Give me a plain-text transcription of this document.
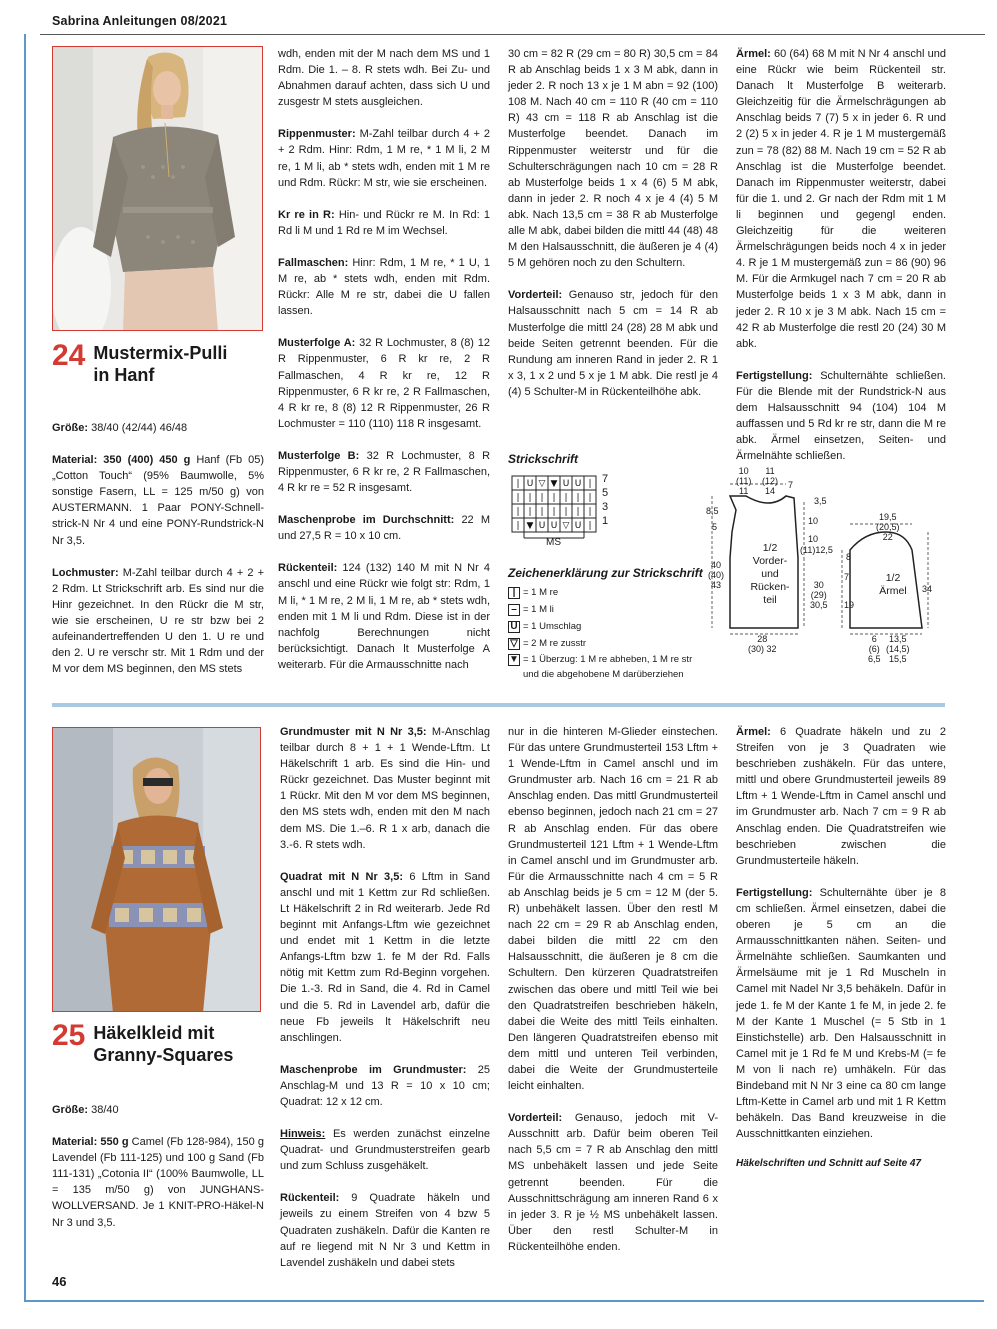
Sabrina Anleitungen 08/2021
24 Mustermix-Pulli
in Hanf

Größe: 38/40 (42/44) 46/48

Material: 350 (400) 450 g Hanf (Fb 05) „Cotton Touch“ (95% Baumwolle, 5% sonstige Fasern, LL = 125 m/50 g) von AUSTERMANN. 1 Paar PONY-Schnell-strick-N Nr 4 und eine PONY-Rundstrick-N Nr 3,5.

Lochmuster: M-Zahl teilbar durch 4 + 2 + 2 Rdm. Lt Strickschrift arb. Es sind nur die Hinr gezeichnet. In den Rückr die M str, wie sie erscheinen, U re str bzw bei 2 aufeinandertreffenden U den 1. U re und den 2. U re verschr str. Mit 1 Rdm und der M vor dem MS beginnen, den MS stets

wdh, enden mit der M nach dem MS und 1 Rdm. Die 1. – 8. R stets wdh. Bei Zu- und Abnahmen darauf achten, dass sich U und zusgestr M stets ausgleichen.

Rippenmuster: M-Zahl teilbar durch 4 + 2 + 2 Rdm. Hinr: Rdm, 1 M re, * 1 M li, 2 M re, 1 M li, ab * stets wdh, enden mit 1 M re und Rdm. Rückr: M str, wie sie erscheinen.

Kr re in R: Hin- und Rückr re M. In Rd: 1 Rd li M und 1 Rd re M im Wechsel.

Fallmaschen: Hinr: Rdm, 1 M re, * 1 U, 1 M re, ab * stets wdh, enden mit Rdm. Rückr: Alle M re str, dabei die U fallen lassen.

Musterfolge A: 32 R Lochmuster, 8 (8) 12 R Rippenmuster, 6 R kr re, 2 R Fallmaschen, 4 R kr re, 12 R Rippenmuster, 6 R kr re, 2 R Fallmaschen, 4 R kr re, 8 (8) 12 R Rippenmuster, 26 R Lochmuster = 110 (110) 118 R insgesamt.

Musterfolge B: 32 R Lochmuster, 8 R Rippenmuster, 6 R kr re, 2 R Fallmaschen, 4 R kr re = 52 R insgesamt.

Maschenprobe im Durchschnitt: 22 M und 27,5 R = 10 x 10 cm.

Rückenteil: 124 (132) 140 M mit N Nr 4 anschl und eine Rückr wie folgt str: Rdm, 1 M li, * 1 M re, 2 M li, 1 M re, ab * stets wdh, enden mit 1 M li und Rdm. Diese ist in der nachfolg Berechnungen nicht berücksichtigt. Danach lt Musterfolge A weiterarb. Für die Armausschnitte nach

30 cm = 82 R (29 cm = 80 R) 30,5 cm = 84 R ab Anschlag beids 1 x 3 M abk, dann in jeder 2. R noch 13 x je 1 M abn = 92 (100) 108 M. Nach 40 cm = 110 R (40 cm = 110 R) 43 cm = 118 R ab Anschlag ist die Musterfolge beendet. Danach im Rippenmuster weiterstr und für die Schulterschrägungen nach 10 cm = 28 R ab Musterfolge beids 1 x 4 (6) 5 M abk, dann in jeder 2. R noch 4 x je 4 (4) 5 M abk. Nach 13,5 cm = 38 R ab Musterfolge alle M abk, dabei bilden die mittl 44 (48) 48 M den Halsausschnitt, die äußeren je 4 (4) 5 M gehören noch zu den Schultern.

Vorderteil: Genauso str, jedoch für den Halsausschnitt nach 5 cm = 14 R ab Musterfolge die mittl 24 (28) 28 M abk und beide Seiten getrennt beenden. Für die Rundung am inneren Rand in jeder 2. R 1 x 3, 1 x 2 und 5 x je 1 M abk. Die restl je 4 (4) 5 Schulter-M in Rückenteilhöhe abk.

Ärmel: 60 (64) 68 M mit N Nr 4 anschl und eine Rückr wie beim Rückenteil str. Danach lt Musterfolge B weiterarb. Gleichzeitig für die Ärmelschrägungen ab Anschlag beids 7 (7) 5 x in jeder 6. R und 2 (2) 5 x in jeder 4. R je 1 M mustergemäß zun = 78 (82) 88 M. Nach 19 cm = 52 R ab Anschlag ist die Musterfolge beendet. Danach im Rippenmuster weiterstr, dabei für die 1. und 2. Gr nach der Rdm mit 1 M li beginnen und gegengl enden. Gleichzeitig für die weiteren Ärmelschrägungen beids noch 4 x in jeder 4. R je 1 M mustergemäß zun = 86 (90) 96 M. Für die Armkugel nach 7 cm = 20 R ab Musterfolge beids 1 x 3 M abk, dann in jeder 2. R 10 x je 3 M abk. Nach 15 cm = 42 R ab Musterfolge die restl 20 (24) 30 M abk.

Fertigstellung: Schulternähte schließen. Für die Blende mit der Rundstrick-N aus dem Halsausschnitt 94 (104) 104 M auffassen und 5 Rd kr re str, dann die M re abk. Ärmel einsetzen, Seiten- und Ärmelnähte schließen.

Strickschrift
| U ▽ ▼ U U |
| | | | | | |
| | | | | | |
| ▼ U U ▽ U |
7
5
3
1
MS
Zeichenerklärung zur Strickschrift
| = 1 M re
– = 1 M li
U = 1 Umschlag
▽ = 2 M re zusstr
▼ = 1 Überzug: 1 M re abheben, 1 M re str und die abgehobene M darüberziehen
10
(11)
11
11
(12)
14
7
3,5
8,5
5
10
10
(11)12,5
40
(40)
43	30
(29)
30,5
1/2 Vorder- und Rücken- teil
28
(30) 32
19,5
(20,5)
22
8
7
19
34
1/2 Ärmel
6
(6)
6,5
13,5
(14,5)
15,5
25 Häkelkleid mit
Granny-Squares

Größe: 38/40

Material: 550 g Camel (Fb 128-984), 150 g Lavendel (Fb 111-125) und 100 g Sand (Fb 111-131) „Cotonia II“ (100% Baumwolle, LL = 135 m/50 g) von JUNGHANS-WOLLVERSAND. Je 1 KNIT-PRO-Häkel-N Nr 3 und 3,5.

Grundmuster mit N Nr 3,5: M-Anschlag teilbar durch 8 + 1 + 1 Wende-Lftm. Lt Häkelschrift 1 arb. Es sind die Hin- und Rückr gezeichnet. Das Muster beginnt mit 1 Rückr. Mit den M vor dem MS beginnen, den MS stets wdh, enden mit den M nach dem MS. Die 1.–6. R 1 x arb, danach die 3.-6. R stets wdh.

Quadrat mit N Nr 3,5: 6 Lftm in Sand anschl und mit 1 Kettm zur Rd schließen. Lt Häkelschrift 2 in Rd weiterarb. Jede Rd beginnt mit Anfangs-Lftm wie gezeichnet und endet mit 1 Kettm in die letzte Anfangs-Lftm bzw 1. fe M der Rd. Falls nötig mit Kettm zum Rd-Beginn vorgehen. Die 1.-3. Rd in Sand, die 4. Rd in Camel und die 5. Rd in Lavendel arb, dafür die neue Fb jeweils lt Häkelschrift neu anschlingen.

Maschenprobe im Grundmuster: 25 Anschlag-M und 13 R = 10 x 10 cm; Quadrat: 12 x 12 cm.

Hinweis: Es werden zunächst einzelne Quadrat- und Grundmusterstreifen gearb und zum Schluss zusgehäkelt.

Rückenteil: 9 Quadrate häkeln und jeweils zu einem Streifen von 4 bzw 5 Quadraten zushäkeln. Dafür die Kanten re auf re liegend mit N Nr 3 und Kettm in Lavendel zushäkeln und dabei stets

nur in die hinteren M-Glieder einstechen. Für das untere Grundmusterteil 153 Lftm + 1 Wende-Lftm in Camel anschl und im Grundmuster arb. Nach 16 cm = 21 R ab Anschlag enden. Das mittl Grundmusterteil ebenso beginnen, jedoch nach 21 cm = 27 R ab Anschlag enden. Für das obere Grundmusterteil 121 Lftm + 1 Wende-Lftm in Camel anschl und im Grundmuster arb. Für die Armausschnitte nach 4 cm = 5 R ab Anschlag beids je 5 cm = 12 M (der 5. R) unbehäkelt lassen. Über den restl M nach 22 cm = 29 R ab Anschlag enden, dabei bilden die mittl 22 cm den Halsausschnitt, die äußeren je 8 cm die Schultern. Den kürzeren Quadratstreifen zwischen das obere und mittl Teil wie bei den Quadratstreifen beschrieben häkeln, dabei die Weite des mittl Teils einhalten. Den längeren Quadratstreifen ebenso mit dem mittl und unteren Teil verbinden, dabei die Weite der Grundmusterteile leicht einhalten.

Vorderteil: Genauso, jedoch mit V-Ausschnitt arb. Dafür beim oberen Teil nach 5,5 cm = 7 R ab Anschlag den mittl MS unbehäkelt lassen und jede Seite getrennt beenden. Für die Ausschnittschrägung am inneren Rand 6 x in jeder 3. R je ½ MS unbehäkelt lassen. Über den restl Schulter-M in Rückenteilhöhe enden.

Ärmel: 6 Quadrate häkeln und zu 2 Streifen von je 3 Quadraten wie beschrieben zushäkeln. Für das untere, mittl und obere Grundmusterteil jeweils 89 Lftm + 1 Wende-Lftm in Camel anschl und im Grundmuster arb. Nach 7 cm = 9 R ab Anschlag enden. Die Quadratstreifen wie beschrieben zwischen die Grundmusterteile häkeln.

Fertigstellung: Schulternähte über je 8 cm schließen. Ärmel einsetzen, dabei die oberen je 5 cm an die Armausschnittkanten nähen. Seiten- und Ärmelnähte schließen. Saumkanten und Ärmelsäume mit je 1 Rd Muscheln in Camel mit Nadel Nr 3,5 behäkeln. Dafür in jede 1. fe M der Kante 1 fe M, in jede 2. fe M der Kante 1 Muschel (= 5 Stb in 1 Einstichstelle) arb. Den Halsausschnitt in Camel mit je 1 Rd fe M und Krebs-M (= fe M von li nach re) umhäkeln. Für das Bindeband mit N Nr 3 eine ca 80 cm lange Lftm-Kette in Camel arb und mit 1 R Kettm behäkeln. Das Band kreuzweise in die Ausschnittkanten einziehen.

Häkelschriften und Schnitt auf Seite 47
46
